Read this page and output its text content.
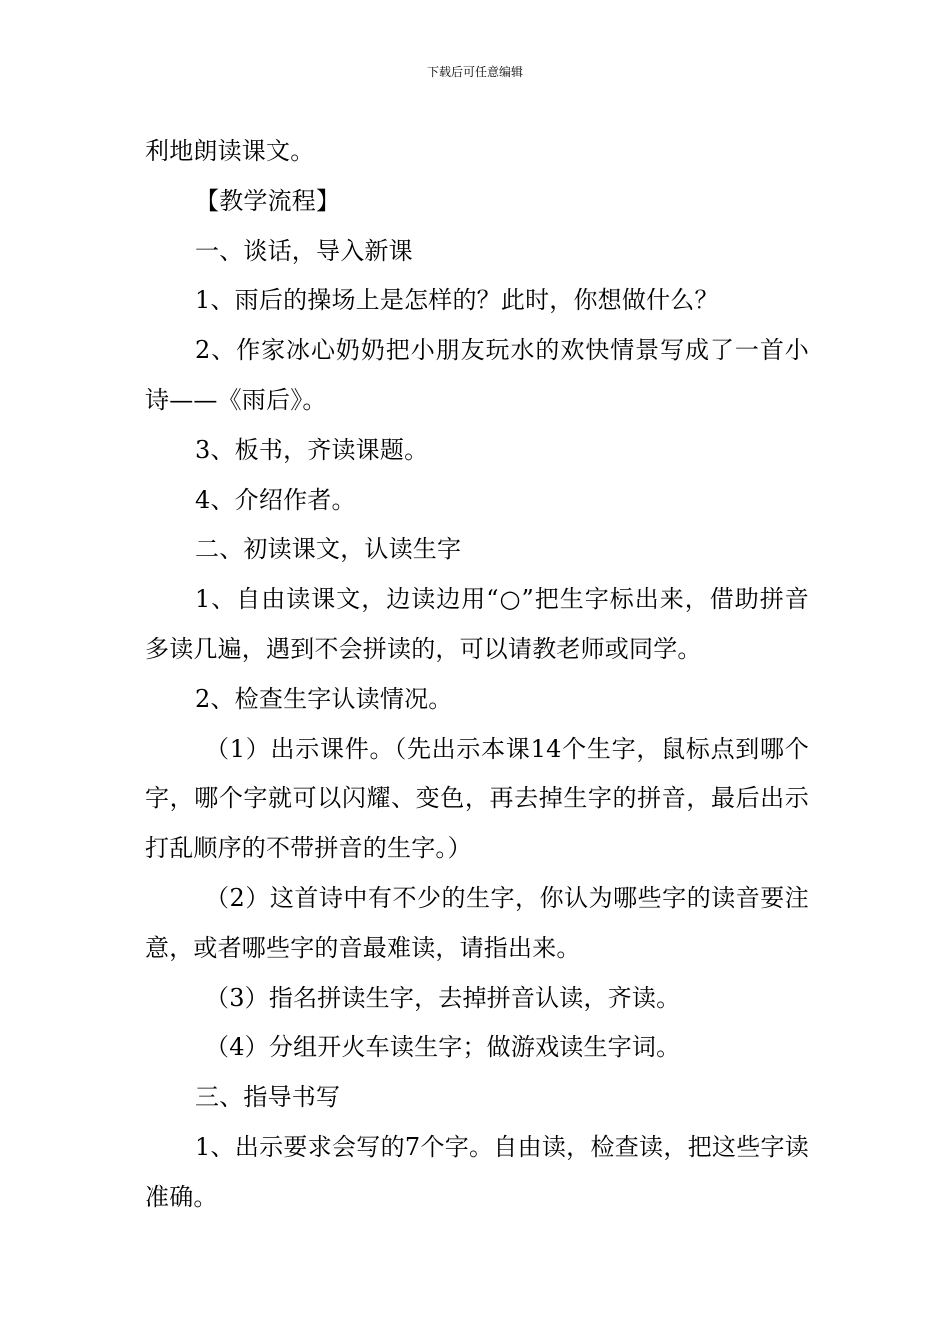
下载后可任意编辑

利地朗读课文。

【教学流程】

一、谈话，导入新课

1、雨后的操场上是怎样的？此时，你想做什么？

2、作家冰心奶奶把小朋友玩水的欢快情景写成了一首小诗——《雨后》。

3、板书，齐读课题。

4、介绍作者。

二、初读课文，认读生字

1、自由读课文，边读边用“○”把生字标出来，借助拼音多读几遍，遇到不会拼读的，可以请教老师或同学。

2、检查生字认读情况。

（1）出示课件。（先出示本课14个生字，鼠标点到哪个字，哪个字就可以闪耀、变色，再去掉生字的拼音，最后出示打乱顺序的不带拼音的生字。）

（2）这首诗中有不少的生字，你认为哪些字的读音要注意，或者哪些字的音最难读，请指出来。

（3）指名拼读生字，去掉拼音认读，齐读。

（4）分组开火车读生字；做游戏读生字词。

三、指导书写

1、出示要求会写的7个字。自由读，检查读，把这些字读准确。
